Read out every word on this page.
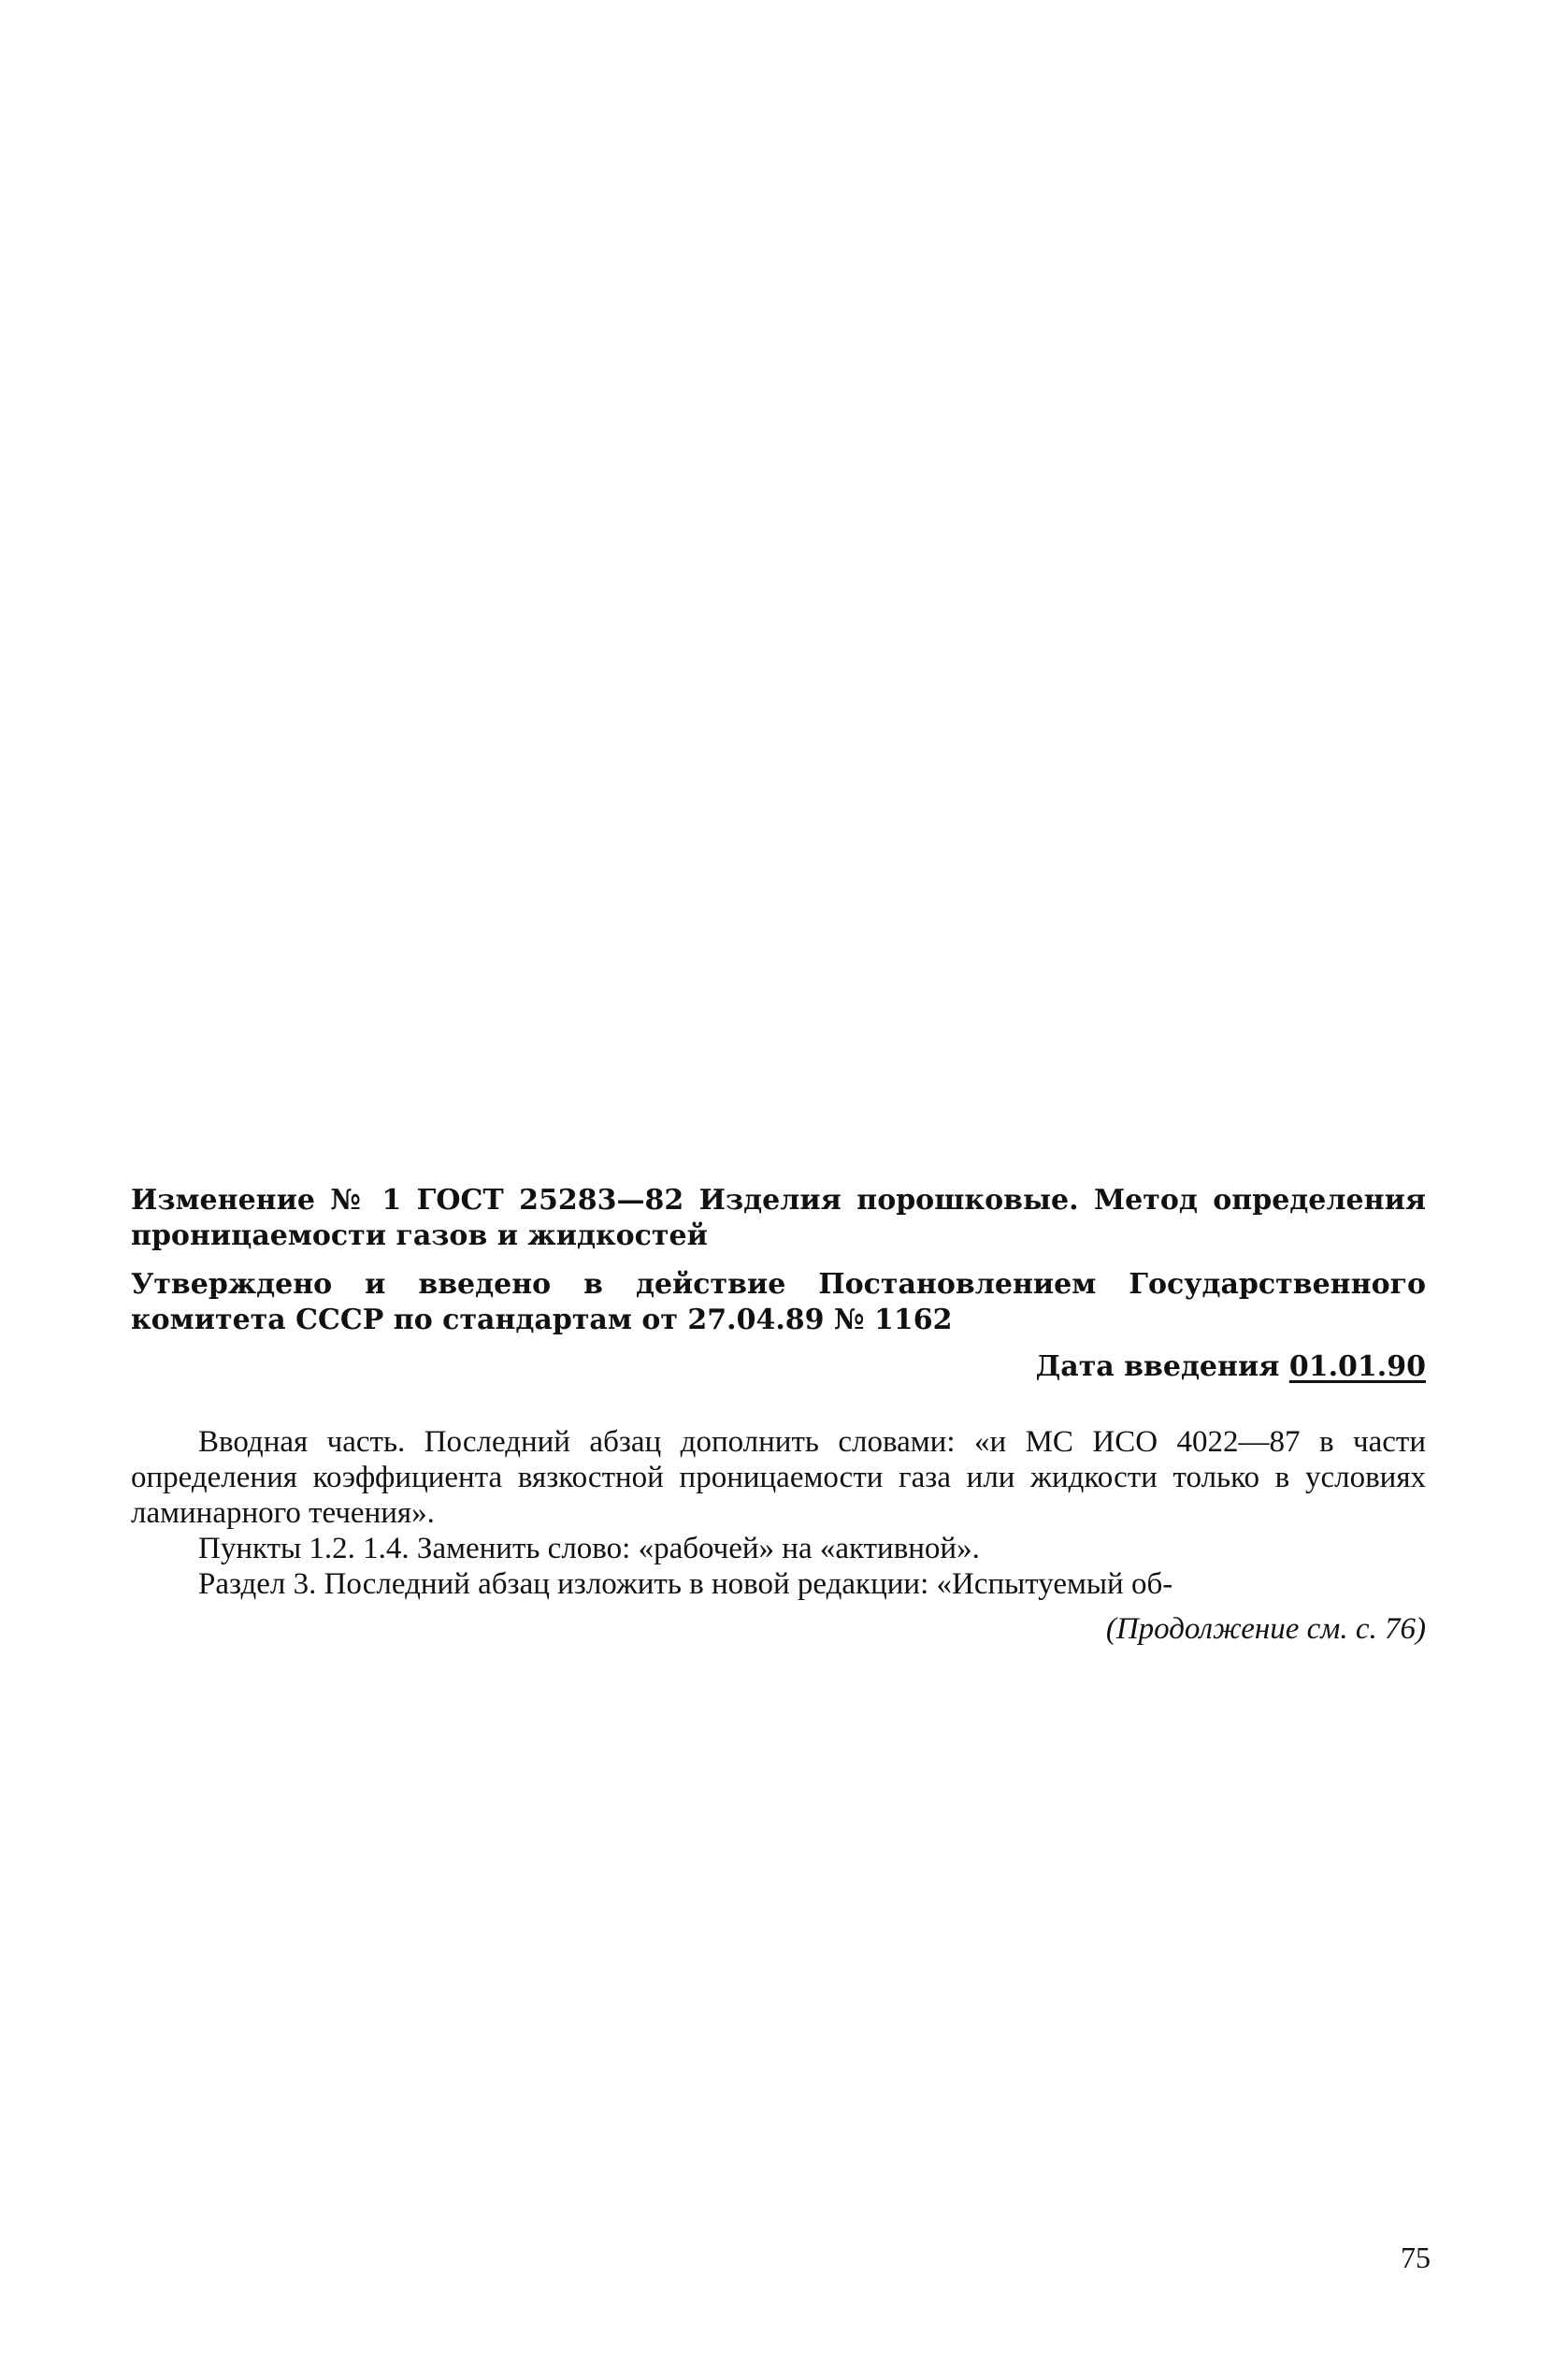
Изменение № 1 ГОСТ 25283—82 Изделия порошковые. Метод определения проницаемости газов и жидкостей

Утверждено и введено в действие Постановлением Государственного комитета СССР по стандартам от 27.04.89 № 1162

Дата введения 01.01.90

Вводная часть. Последний абзац дополнить словами: «и МС ИСО 4022—87 в части определения коэффициента вязкостной проницаемости газа или жидкости только в условиях ламинарного течения».

Пункты 1.2. 1.4. Заменить слово: «рабочей» на «активной».

Раздел 3. Последний абзац изложить в новой редакции: «Испытуемый об-

(Продолжение см. с. 76)
75
